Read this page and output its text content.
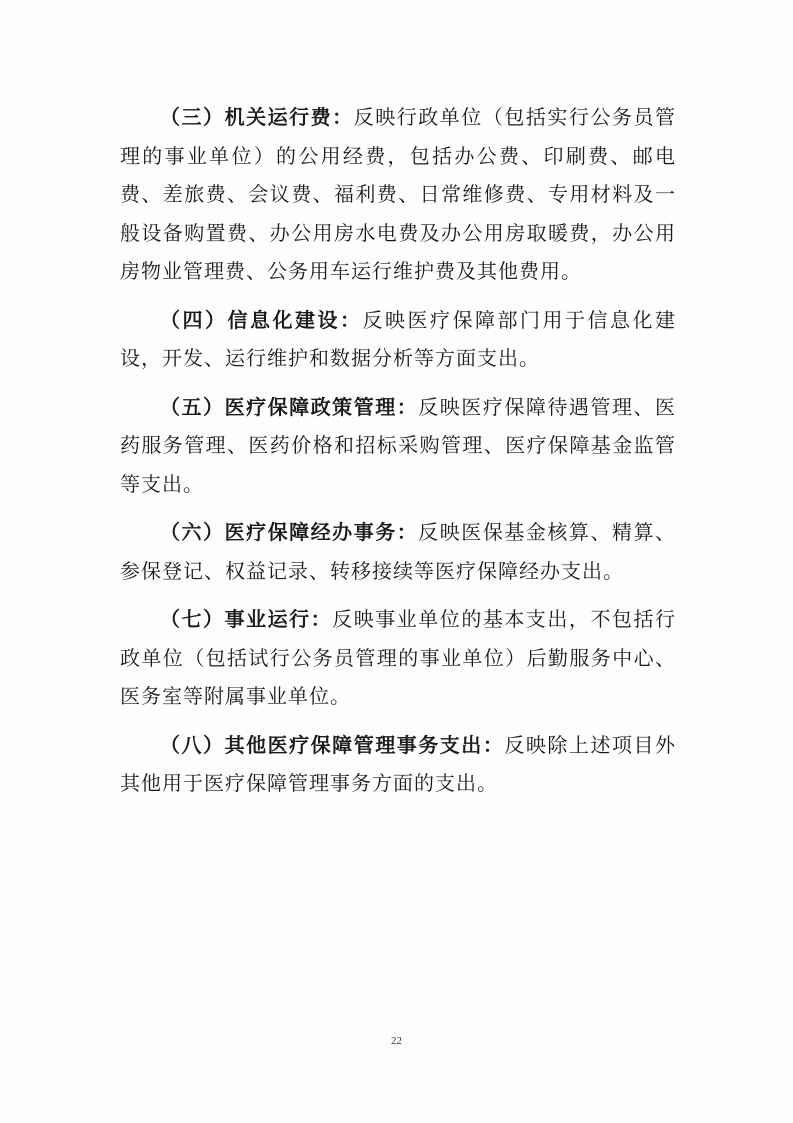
（三）机关运行费：反映行政单位（包括实行公务员管理的事业单位）的公用经费，包括办公费、印刷费、邮电费、差旅费、会议费、福利费、日常维修费、专用材料及一般设备购置费、办公用房水电费及办公用房取暖费，办公用房物业管理费、公务用车运行维护费及其他费用。

（四）信息化建设：反映医疗保障部门用于信息化建设，开发、运行维护和数据分析等方面支出。

（五）医疗保障政策管理：反映医疗保障待遇管理、医药服务管理、医药价格和招标采购管理、医疗保障基金监管等支出。

（六）医疗保障经办事务：反映医保基金核算、精算、参保登记、权益记录、转移接续等医疗保障经办支出。

（七）事业运行：反映事业单位的基本支出，不包括行政单位（包括试行公务员管理的事业单位）后勤服务中心、医务室等附属事业单位。

（八）其他医疗保障管理事务支出：反映除上述项目外其他用于医疗保障管理事务方面的支出。

22
